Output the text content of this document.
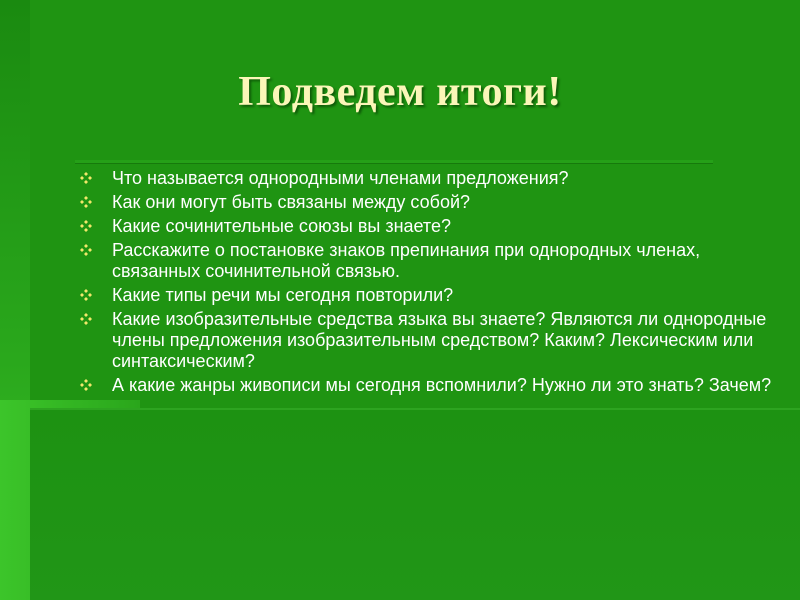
Подведем итоги!
Что называется однородными членами предложения?
Как они могут быть связаны между собой?
Какие сочинительные союзы вы знаете?
Расскажите о постановке знаков препинания при однородных членах, связанных сочинительной связью.
Какие типы речи мы сегодня повторили?
Какие изобразительные средства языка вы знаете? Являются ли однородные члены предложения изобразительным средством? Каким? Лексическим или синтаксическим?
А какие жанры живописи мы сегодня вспомнили? Нужно ли это знать? Зачем?
